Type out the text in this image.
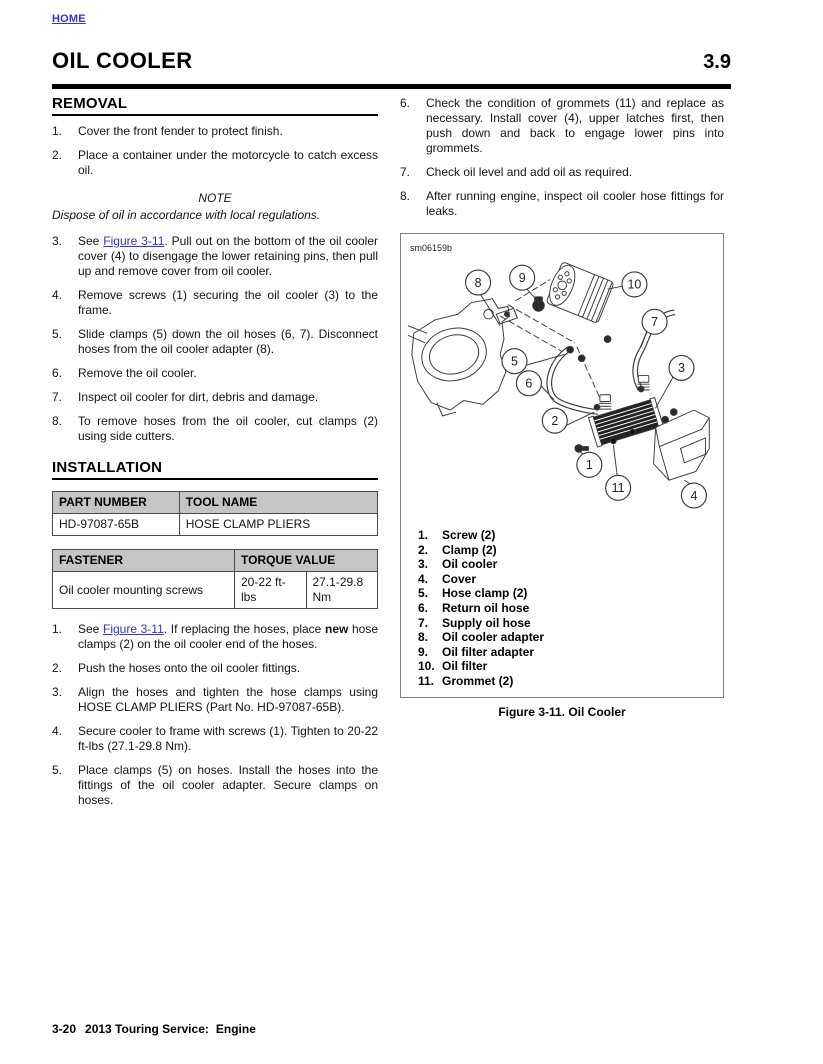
HOME
OIL COOLER	3.9
REMOVAL
1.	Cover the front fender to protect finish.
2.	Place a container under the motorcycle to catch excess oil.
NOTE
Dispose of oil in accordance with local regulations.
3.	See Figure 3-11. Pull out on the bottom of the oil cooler cover (4) to disengage the lower retaining pins, then pull up and remove cover from oil cooler.
4.	Remove screws (1) securing the oil cooler (3) to the frame.
5.	Slide clamps (5) down the oil hoses (6, 7). Disconnect hoses from the oil cooler adapter (8).
6.	Remove the oil cooler.
7.	Inspect oil cooler for dirt, debris and damage.
8.	To remove hoses from the oil cooler, cut clamps (2) using side cutters.
INSTALLATION
PART NUMBER	TOOL NAME
HD-97087-65B	HOSE CLAMP PLIERS
FASTENER	TORQUE VALUE	
Oil cooler mounting screws	20-22 ft-lbs	27.1-29.8 Nm
1.	See Figure 3-11. If replacing the hoses, place new hose clamps (2) on the oil cooler end of the hoses.
2.	Push the hoses onto the oil cooler fittings.
3.	Align the hoses and tighten the hose clamps using HOSE CLAMP PLIERS (Part No. HD-97087-65B).
4.	Secure cooler to frame with screws (1). Tighten to 20-22 ft-lbs (27.1-29.8 Nm).
5.	Place clamps (5) on hoses. Install the hoses into the fittings of the oil cooler adapter. Secure clamps on hoses.
6.	Check the condition of grommets (11) and replace as necessary. Install cover (4), upper latches first, then push down and back to engage lower pins into grommets.
7.	Check oil level and add oil as required.
8.	After running engine, inspect oil cooler hose fittings for leaks.
sm06159b
8	9	10
7
5
6
3
2
1
11
4
1.	Screw (2)
2.	Clamp (2)
3.	Oil cooler
4.	Cover
5.	Hose clamp (2)
6.	Return oil hose
7.	Supply oil hose
8.	Oil cooler adapter
9.	Oil filter adapter
10. Oil filter
11. Grommet (2)
Figure 3-11. Oil Cooler
3-20 2013 Touring Service: Engine
